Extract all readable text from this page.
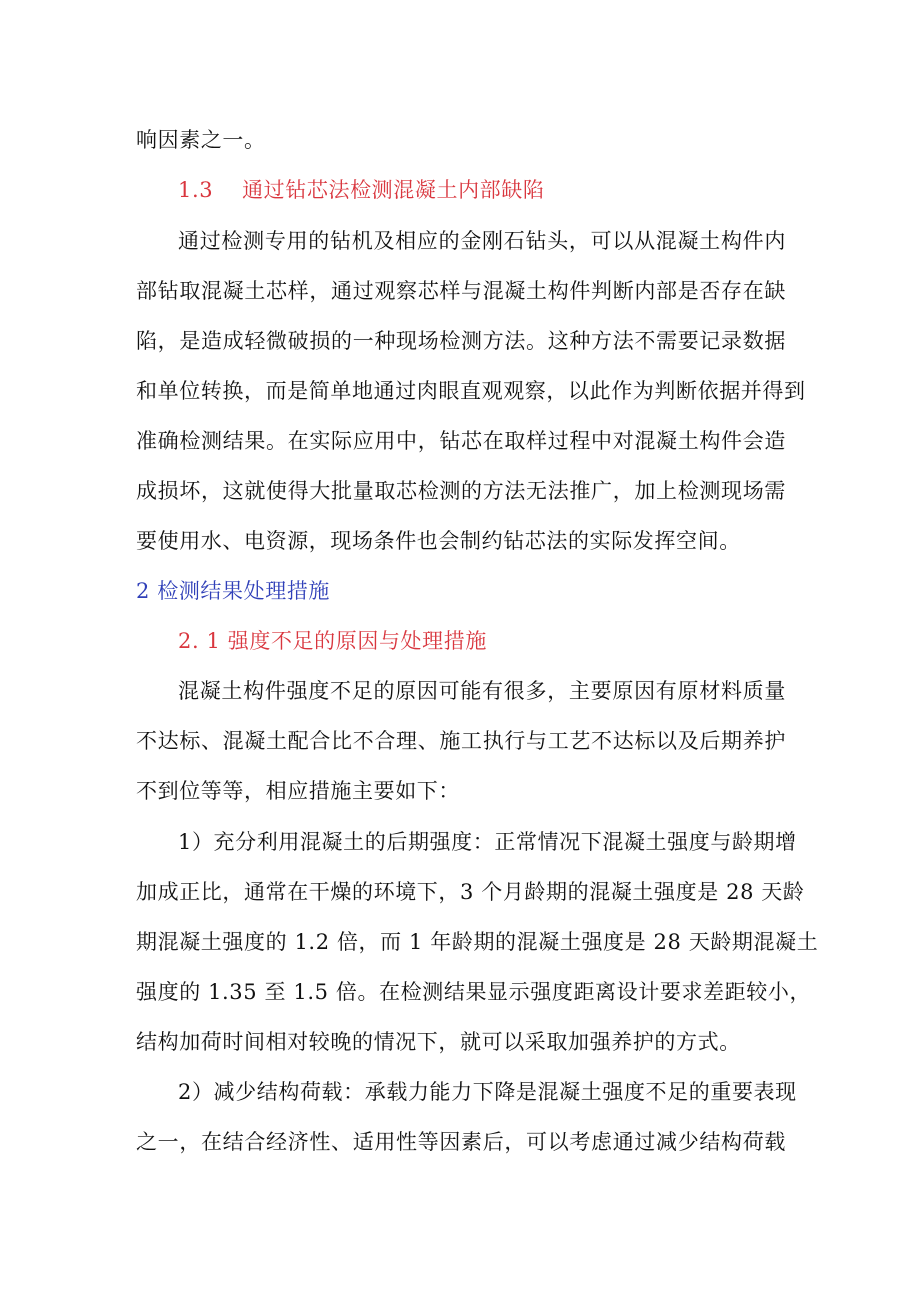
响因素之一。
1.3　 通过钻芯法检测混凝土内部缺陷
通过检测专用的钻机及相应的金刚石钻头，可以从混凝土构件内
部钻取混凝土芯样，通过观察芯样与混凝土构件判断内部是否存在缺
陷，是造成轻微破损的一种现场检测方法。这种方法不需要记录数据
和单位转换，而是简单地通过肉眼直观观察，以此作为判断依据并得到
准确检测结果。在实际应用中，钻芯在取样过程中对混凝土构件会造
成损坏，这就使得大批量取芯检测的方法无法推广，加上检测现场需
要使用水、电资源，现场条件也会制约钻芯法的实际发挥空间。
2 检测结果处理措施
2. 1 强度不足的原因与处理措施
混凝土构件强度不足的原因可能有很多，主要原因有原材料质量
不达标、混凝土配合比不合理、施工执行与工艺不达标以及后期养护
不到位等等，相应措施主要如下：
1）充分利用混凝土的后期强度：正常情况下混凝土强度与龄期增
加成正比，通常在干燥的环境下，3 个月龄期的混凝土强度是 28 天龄
期混凝土强度的 1.2 倍，而 1 年龄期的混凝土强度是 28 天龄期混凝土
强度的 1.35 至 1.5 倍。在检测结果显示强度距离设计要求差距较小，
结构加荷时间相对较晚的情况下，就可以采取加强养护的方式。
2）减少结构荷载：承载力能力下降是混凝土强度不足的重要表现
之一，在结合经济性、适用性等因素后，可以考虑通过减少结构荷载
